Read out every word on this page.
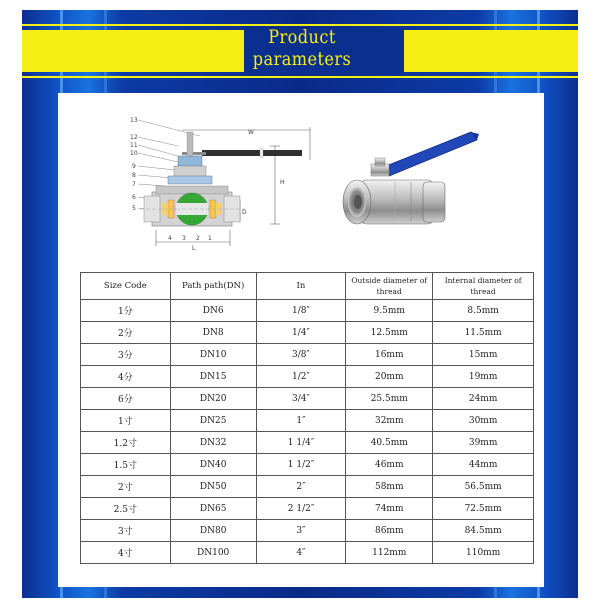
Product parameters
13
12
11
10
9
8
7
6
5
4 3 2 1
W
H
D
L
Size Code	Path path(DN)	In	Outside diameter of thread	Internal diameter of thread
1分	DN6	1/8″	9.5mm	8.5mm
2分	DN8	1/4″	12.5mm	11.5mm
3分	DN10	3/8″	16mm	15mm
4分	DN15	1/2″	20mm	19mm
6分	DN20	3/4″	25.5mm	24mm
1寸	DN25	1″	32mm	30mm
1.2寸	DN32	1 1/4″	40.5mm	39mm
1.5寸	DN40	1 1/2″	46mm	44mm
2寸	DN50	2″	58mm	56.5mm
2.5寸	DN65	2 1/2″	74mm	72.5mm
3寸	DN80	3″	86mm	84.5mm
4寸	DN100	4″	112mm	110mm
